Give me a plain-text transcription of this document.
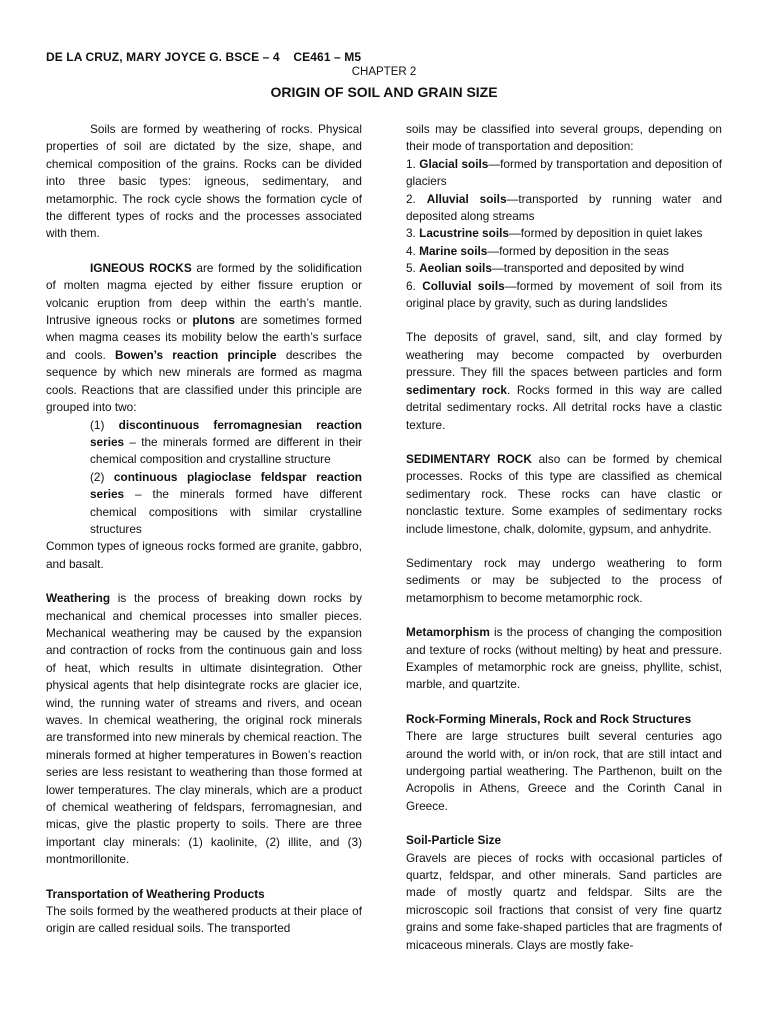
DE LA CRUZ, MARY JOYCE G. BSCE – 4    CE461 – M5
CHAPTER 2
ORIGIN OF SOIL AND GRAIN SIZE

Soils are formed by weathering of rocks. Physical properties of soil are dictated by the size, shape, and chemical composition of the grains. Rocks can be divided into three basic types: igneous, sedimentary, and metamorphic. The rock cycle shows the formation cycle of the different types of rocks and the processes associated with them.

IGNEOUS ROCKS are formed by the solidification of molten magma ejected by either fissure eruption or volcanic eruption from deep within the earth’s mantle. Intrusive igneous rocks or plutons are sometimes formed when magma ceases its mobility below the earth’s surface and cools. Bowen’s reaction principle describes the sequence by which new minerals are formed as magma cools. Reactions that are classified under this principle are grouped into two:

(1) discontinuous ferromagnesian reaction series – the minerals formed are different in their chemical composition and crystalline structure

(2) continuous plagioclase feldspar reaction series – the minerals formed have different chemical compositions with similar crystalline structures

Common types of igneous rocks formed are granite, gabbro, and basalt.

Weathering is the process of breaking down rocks by mechanical and chemical processes into smaller pieces. Mechanical weathering may be caused by the expansion and contraction of rocks from the continuous gain and loss of heat, which results in ultimate disintegration. Other physical agents that help disintegrate rocks are glacier ice, wind, the running water of streams and rivers, and ocean waves. In chemical weathering, the original rock minerals are transformed into new minerals by chemical reaction. The minerals formed at higher temperatures in Bowen’s reaction series are less resistant to weathering than those formed at lower temperatures. The clay minerals, which are a product of chemical weathering of feldspars, ferromagnesian, and micas, give the plastic property to soils. There are three important clay minerals: (1) kaolinite, (2) illite, and (3) montmorillonite.

Transportation of Weathering Products

The soils formed by the weathered products at their place of origin are called residual soils. The transported

soils may be classified into several groups, depending on their mode of transportation and deposition:

1. Glacial soils—formed by transportation and deposition of glaciers

2. Alluvial soils—transported by running water and deposited along streams

3. Lacustrine soils—formed by deposition in quiet lakes

4. Marine soils—formed by deposition in the seas

5. Aeolian soils—transported and deposited by wind

6. Colluvial soils—formed by movement of soil from its original place by gravity, such as during landslides

The deposits of gravel, sand, silt, and clay formed by weathering may become compacted by overburden pressure. They fill the spaces between particles and form sedimentary rock. Rocks formed in this way are called detrital sedimentary rocks. All detrital rocks have a clastic texture.

SEDIMENTARY ROCK also can be formed by chemical processes. Rocks of this type are classified as chemical sedimentary rock. These rocks can have clastic or nonclastic texture. Some examples of sedimentary rocks include limestone, chalk, dolomite, gypsum, and anhydrite.

Sedimentary rock may undergo weathering to form sediments or may be subjected to the process of metamorphism to become metamorphic rock.

Metamorphism is the process of changing the composition and texture of rocks (without melting) by heat and pressure. Examples of metamorphic rock are gneiss, phyllite, schist, marble, and quartzite.

Rock-Forming Minerals, Rock and Rock Structures

There are large structures built several centuries ago around the world with, or in/on rock, that are still intact and undergoing partial weathering. The Parthenon, built on the Acropolis in Athens, Greece and the Corinth Canal in Greece.

Soil-Particle Size

Gravels are pieces of rocks with occasional particles of quartz, feldspar, and other minerals. Sand particles are made of mostly quartz and feldspar. Silts are the microscopic soil fractions that consist of very fine quartz grains and some fake-shaped particles that are fragments of micaceous minerals. Clays are mostly fake-
